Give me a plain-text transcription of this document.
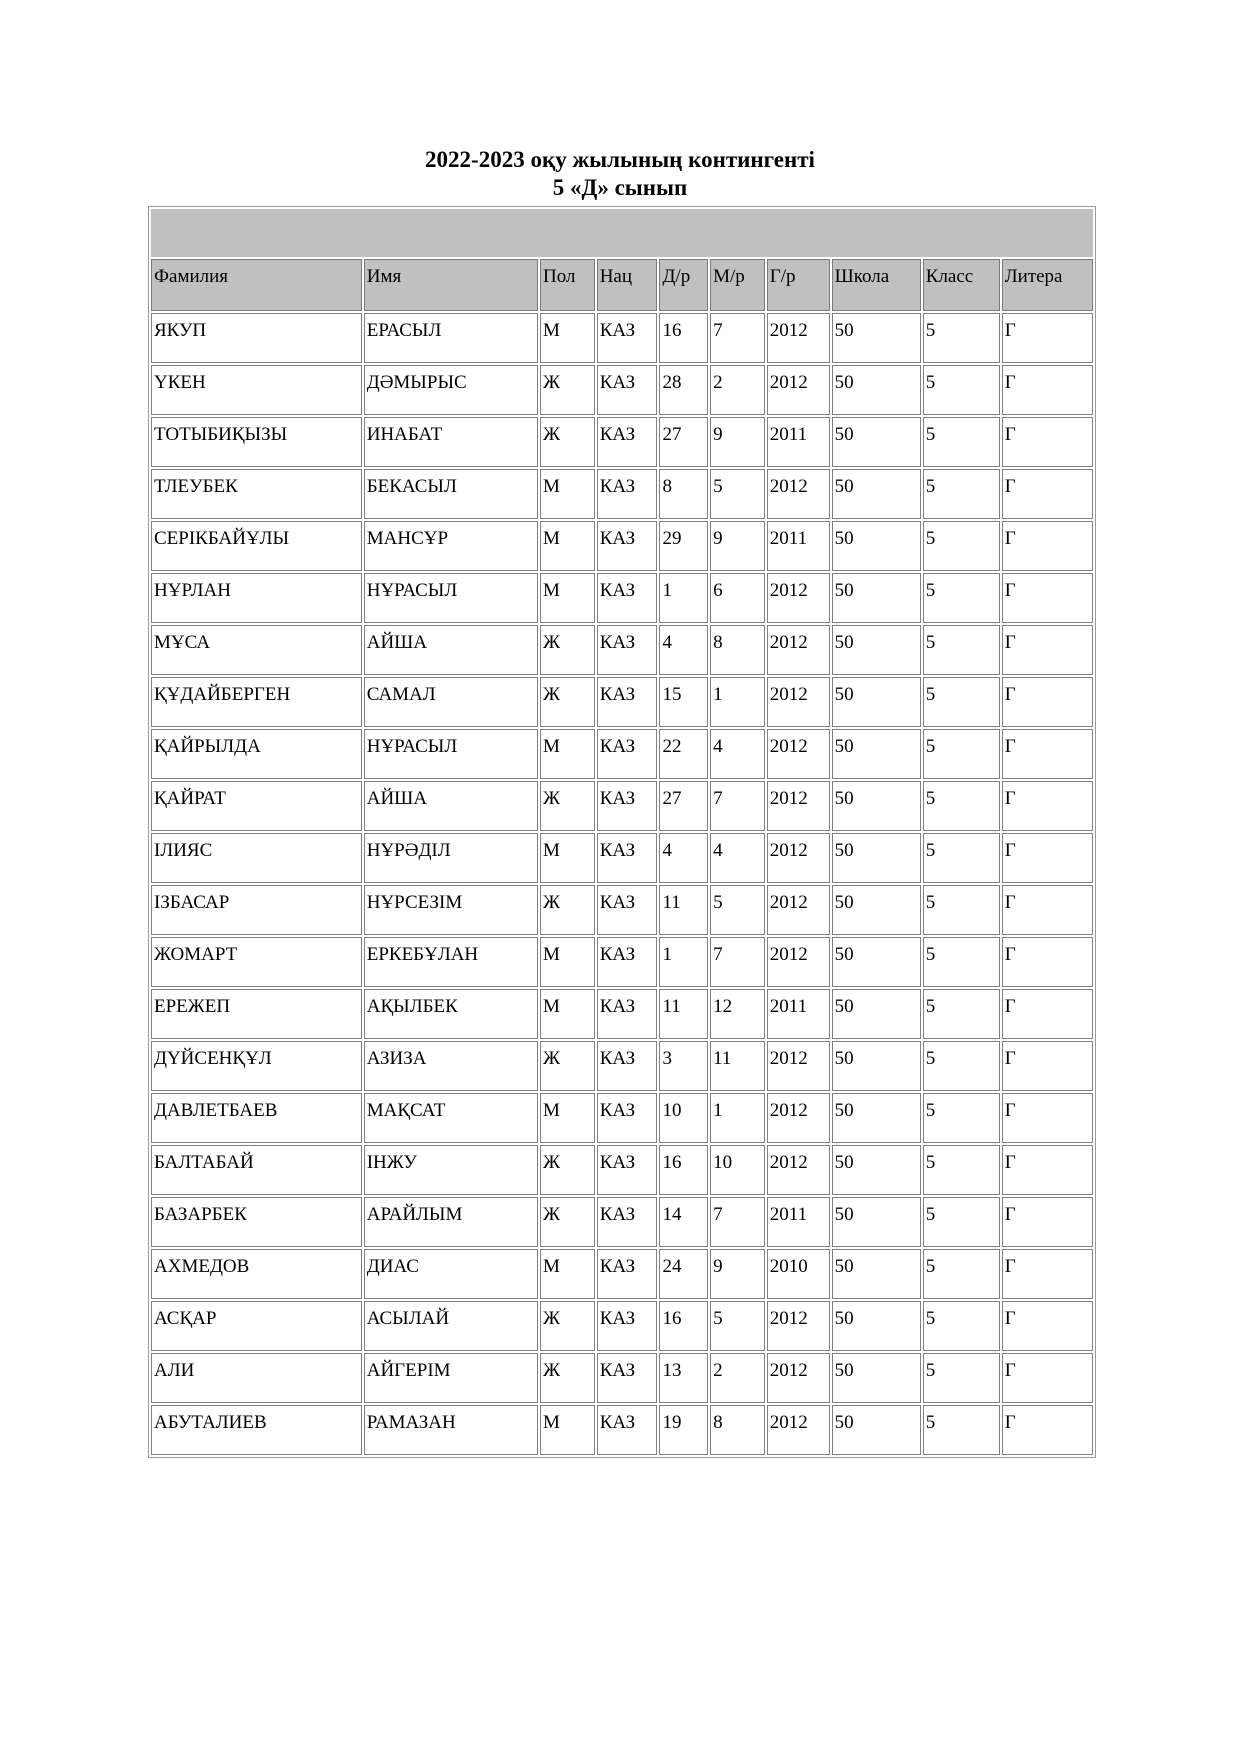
2022-2023 оқу жылының контингенті
5 «Д» сынып

Фамилия	Имя	Пол	Нац	Д/р	М/р	Г/р	Школа	Класс	Литера
ЯКУП	ЕРАСЫЛ	М	КАЗ	16	7	2012	50	5	Г
ҮКЕН	ДӘМЫРЫС	Ж	КАЗ	28	2	2012	50	5	Г
ТОТЫБИҚЫЗЫ	ИНАБАТ	Ж	КАЗ	27	9	2011	50	5	Г
ТЛЕУБЕК	БЕКАСЫЛ	М	КАЗ	8	5	2012	50	5	Г
СЕРІКБАЙҰЛЫ	МАНСҰР	М	КАЗ	29	9	2011	50	5	Г
НҰРЛАН	НҰРАСЫЛ	М	КАЗ	1	6	2012	50	5	Г
МҰСА	АЙША	Ж	КАЗ	4	8	2012	50	5	Г
ҚҰДАЙБЕРГЕН	САМАЛ	Ж	КАЗ	15	1	2012	50	5	Г
ҚАЙРЫЛДА	НҰРАСЫЛ	М	КАЗ	22	4	2012	50	5	Г
ҚАЙРАТ	АЙША	Ж	КАЗ	27	7	2012	50	5	Г
ІЛИЯС	НҰРӘДІЛ	М	КАЗ	4	4	2012	50	5	Г
ІЗБАСАР	НҰРСЕЗІМ	Ж	КАЗ	11	5	2012	50	5	Г
ЖОМАРТ	ЕРКЕБҰЛАН	М	КАЗ	1	7	2012	50	5	Г
ЕРЕЖЕП	АҚЫЛБЕК	М	КАЗ	11	12	2011	50	5	Г
ДҮЙСЕНҚҰЛ	АЗИЗА	Ж	КАЗ	3	11	2012	50	5	Г
ДАВЛЕТБАЕВ	МАҚСАТ	М	КАЗ	10	1	2012	50	5	Г
БАЛТАБАЙ	ІНЖУ	Ж	КАЗ	16	10	2012	50	5	Г
БАЗАРБЕК	АРАЙЛЫМ	Ж	КАЗ	14	7	2011	50	5	Г
АХМЕДОВ	ДИАС	М	КАЗ	24	9	2010	50	5	Г
АСҚАР	АСЫЛАЙ	Ж	КАЗ	16	5	2012	50	5	Г
АЛИ	АЙГЕРІМ	Ж	КАЗ	13	2	2012	50	5	Г
АБУТАЛИЕВ	РАМАЗАН	М	КАЗ	19	8	2012	50	5	Г
